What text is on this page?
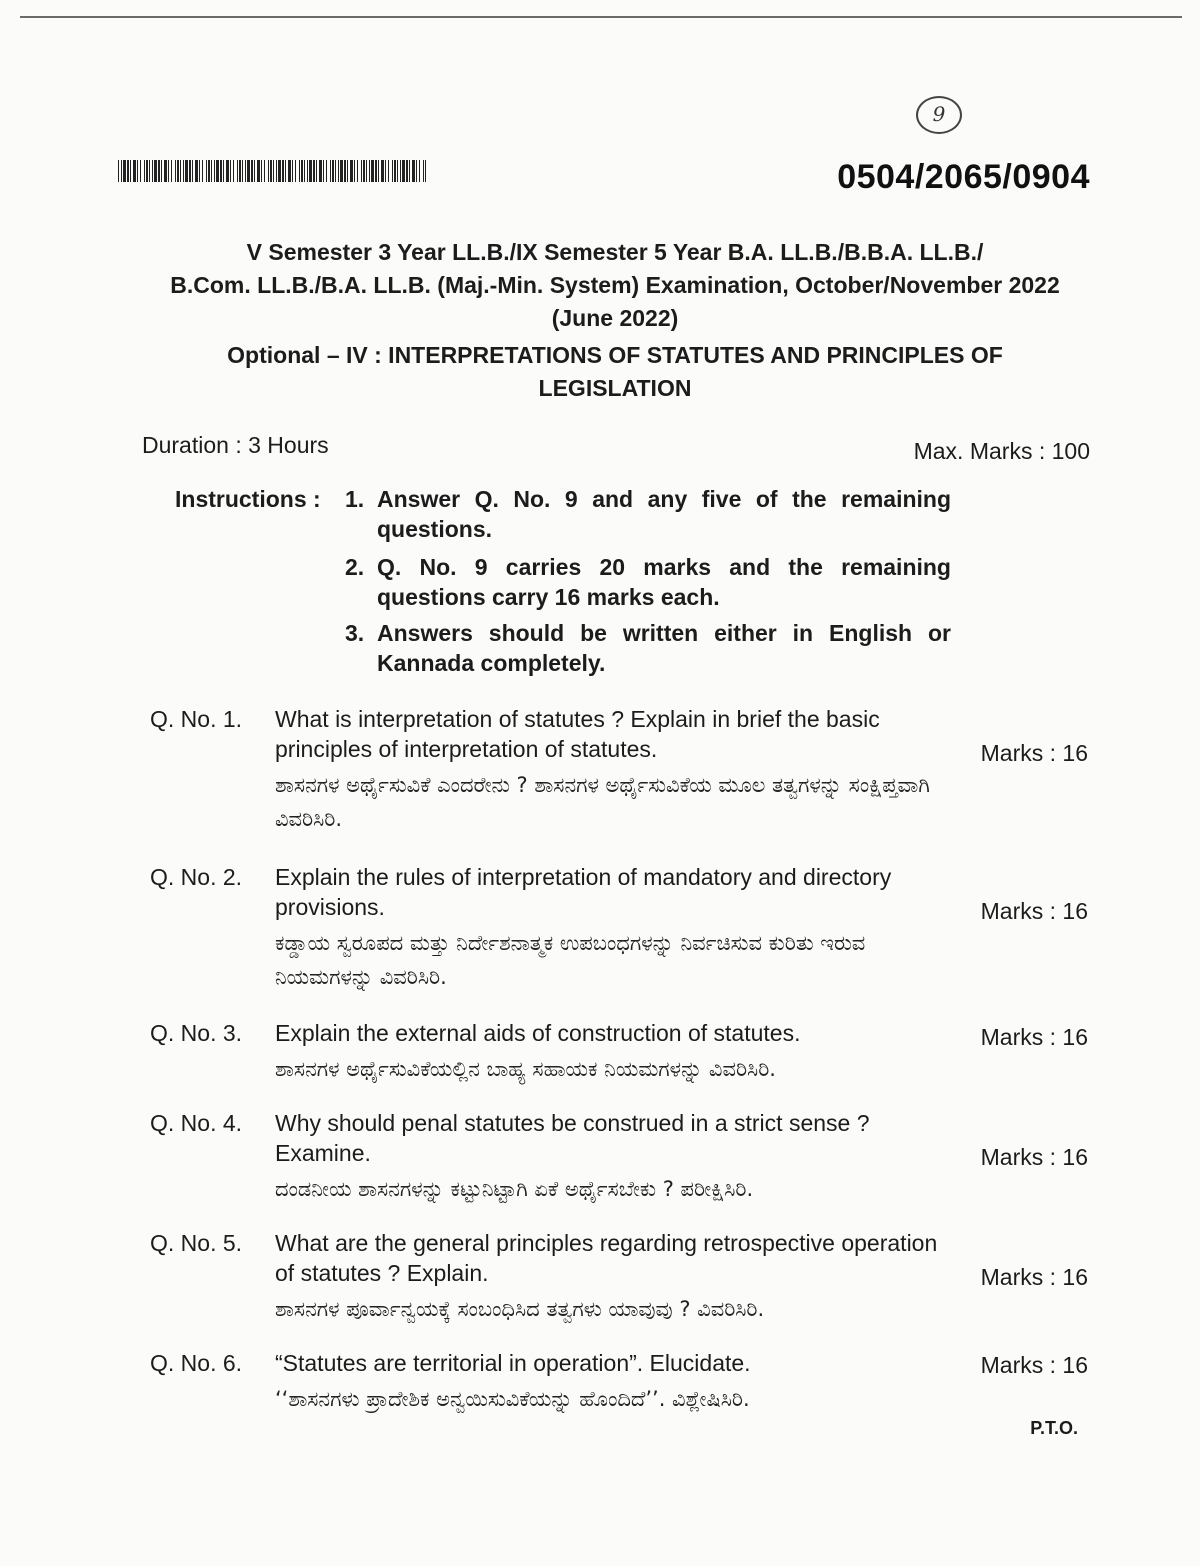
9
0504/2065/0904
V Semester 3 Year LL.B./IX Semester 5 Year B.A. LL.B./B.B.A. LL.B./
B.Com. LL.B./B.A. LL.B. (Maj.-Min. System) Examination, October/November 2022
(June 2022)
Optional – IV : INTERPRETATIONS OF STATUTES AND PRINCIPLES OF
LEGISLATION
Duration : 3 Hours	Max. Marks : 100
Instructions : 1. Answer Q. No. 9 and any five of the remaining questions.
2. Q. No. 9 carries 20 marks and the remaining questions carry 16 marks each.
3. Answers should be written either in English or Kannada completely.
Q. No. 1. What is interpretation of statutes ? Explain in brief the basic principles of interpretation of statutes.
ಶಾಸನಗಳ ಅರ್ಥೈಸುವಿಕೆ ಎಂದರೇನು ? ಶಾಸನಗಳ ಅರ್ಥೈಸುವಿಕೆಯ ಮೂಲ ತತ್ವಗಳನ್ನು ಸಂಕ್ಷಿಪ್ತವಾಗಿ ವಿವರಿಸಿರಿ.
Marks : 16
Q. No. 2. Explain the rules of interpretation of mandatory and directory provisions.
ಕಡ್ಡಾಯ ಸ್ವರೂಪದ ಮತ್ತು ನಿರ್ದೇಶನಾತ್ಮಕ ಉಪಬಂಧಗಳನ್ನು ನಿರ್ವಚಿಸುವ ಕುರಿತು ಇರುವ ನಿಯಮಗಳನ್ನು ವಿವರಿಸಿರಿ.
Marks : 16
Q. No. 3. Explain the external aids of construction of statutes.
ಶಾಸನಗಳ ಅರ್ಥೈಸುವಿಕೆಯಲ್ಲಿನ ಬಾಹ್ಯ ಸಹಾಯಕ ನಿಯಮಗಳನ್ನು ವಿವರಿಸಿರಿ.
Marks : 16
Q. No. 4. Why should penal statutes be construed in a strict sense ? Examine.
ದಂಡನೀಯ ಶಾಸನಗಳನ್ನು ಕಟ್ಟುನಿಟ್ಟಾಗಿ ಏಕೆ ಅರ್ಥೈಸಬೇಕು ? ಪರೀಕ್ಷಿಸಿರಿ.
Marks : 16
Q. No. 5. What are the general principles regarding retrospective operation of statutes ? Explain.
ಶಾಸನಗಳ ಪೂರ್ವಾನ್ವಯಕ್ಕೆ ಸಂಬಂಧಿಸಿದ ತತ್ವಗಳು ಯಾವುವು ? ವಿವರಿಸಿರಿ.
Marks : 16
Q. No. 6. “Statutes are territorial in operation”. Elucidate.
‘‘ಶಾಸನಗಳು ಪ್ರಾದೇಶಿಕ ಅನ್ವಯಿಸುವಿಕೆಯನ್ನು ಹೊಂದಿದೆ’’. ವಿಶ್ಲೇಷಿಸಿರಿ.
Marks : 16
P.T.O.
